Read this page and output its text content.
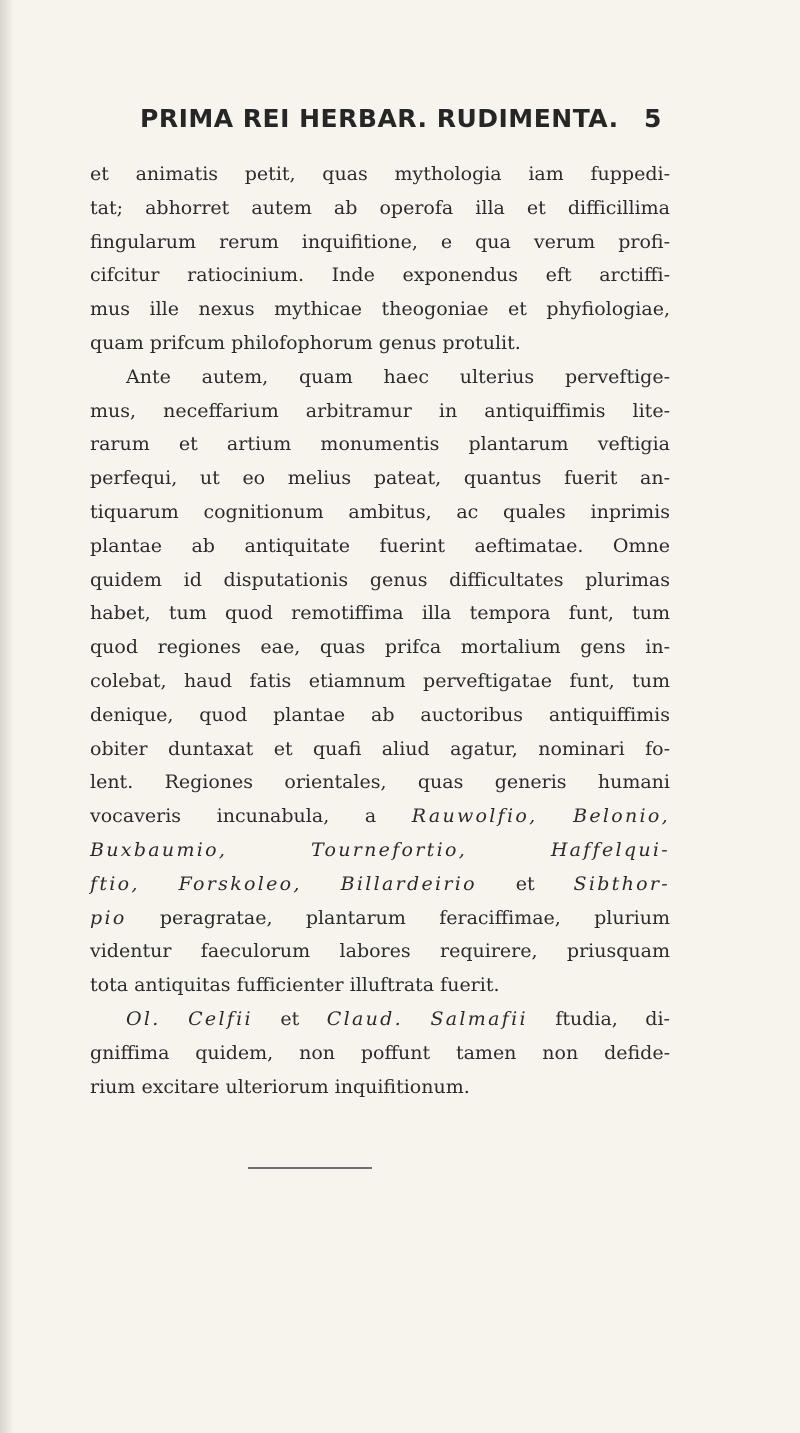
PRIMA REI HERBAR. RUDIMENTA.	5
et animatis petit, quas mythologia iam fuppedi-
tat; abhorret autem ab operofa illa et difficillima
fingularum rerum inquifitione, e qua verum profi-
cifcitur ratiocinium. Inde exponendus eft arctiffi-
mus ille nexus mythicae theogoniae et phyfiologiae,
quam prifcum philofophorum genus protulit.
Ante autem, quam haec ulterius perveftige-
mus, neceffarium arbitramur in antiquiffimis lite-
rarum et artium monumentis plantarum veftigia
perfequi, ut eo melius pateat, quantus fuerit an-
tiquarum cognitionum ambitus, ac quales inprimis
plantae ab antiquitate fuerint aeftimatae. Omne
quidem id disputationis genus difficultates plurimas
habet, tum quod remotiffima illa tempora funt, tum
quod regiones eae, quas prifca mortalium gens in-
colebat, haud fatis etiamnum perveftigatae funt, tum
denique, quod plantae ab auctoribus antiquiffimis
obiter duntaxat et quafi aliud agatur, nominari fo-
lent. Regiones orientales, quas generis humani
vocaveris incunabula, a Rauwolfio, Belonio,
Buxbaumio,	Tournefortio,	Haffelqui-
ftio, Forskoleo, Billardeirio et Sibthor-
pio peragratae, plantarum feraciffimae, plurium
videntur faeculorum labores requirere, priusquam
tota antiquitas fufficienter illuftrata fuerit.
Ol. Celfii et Claud. Salmafii ftudia, di-
gniffima quidem, non poffunt tamen non defide-
rium excitare ulteriorum inquifitionum.
